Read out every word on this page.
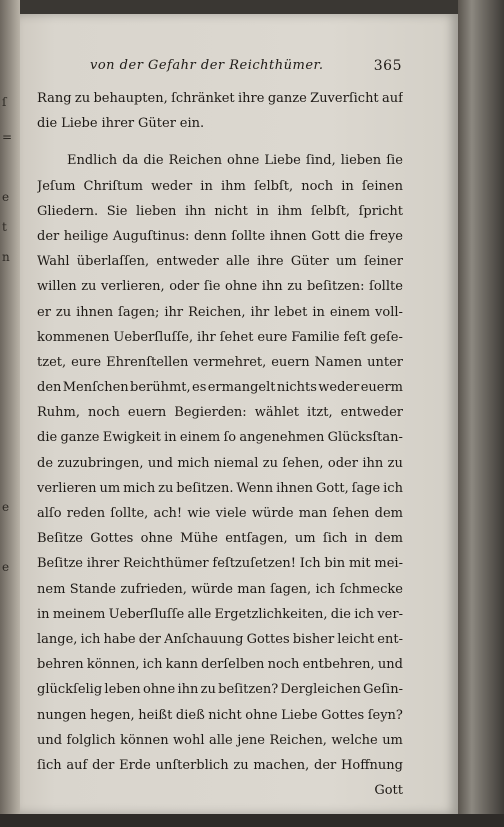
ſ
=
e
t
n
e
e
von der Gefahr der Reichthümer.	365
Rang zu behaupten, ſchränket ihre ganze Zuverſicht auf
die Liebe ihrer Güter ein.
Endlich da die Reichen ohne Liebe ſind, lieben ſie
Jeſum Chriſtum weder in ihm ſelbſt, noch in ſeinen
Gliedern. Sie lieben ihn nicht in ihm ſelbſt, ſpricht
der heilige Auguſtinus: denn ſollte ihnen Gott die freye
Wahl überlaſſen, entweder alle ihre Güter um ſeiner
willen zu verlieren, oder ſie ohne ihn zu beſitzen: ſollte
er zu ihnen ſagen; ihr Reichen, ihr lebet in einem voll-
kommenen Ueberſluſſe, ihr ſehet eure Familie feſt geſe-
tzet, eure Ehrenſtellen vermehret, euern Namen unter
den Menſchen berühmt, es ermangelt nichts weder euerm
Ruhm, noch euern Begierden: wählet itzt, entweder
die ganze Ewigkeit in einem ſo angenehmen Glücksſtan-
de zuzubringen, und mich niemal zu ſehen, oder ihn zu
verlieren um mich zu beſitzen. Wenn ihnen Gott, ſage ich
alſo reden ſollte, ach! wie viele würde man ſehen dem
Beſitze Gottes ohne Mühe entſagen, um ſich in dem
Beſitze ihrer Reichthümer feſtzuſetzen! Ich bin mit mei-
nem Stande zufrieden, würde man ſagen, ich ſchmecke
in meinem Ueberſluſſe alle Ergetzlichkeiten, die ich ver-
lange, ich habe der Anſchauung Gottes bisher leicht ent-
behren können, ich kann derſelben noch entbehren, und
glückſelig leben ohne ihn zu beſitzen? Dergleichen Geſin-
nungen hegen, heißt dieß nicht ohne Liebe Gottes ſeyn?
und folglich können wohl alle jene Reichen, welche um
ſich auf der Erde unſterblich zu machen, der Hoffnung
Gott
